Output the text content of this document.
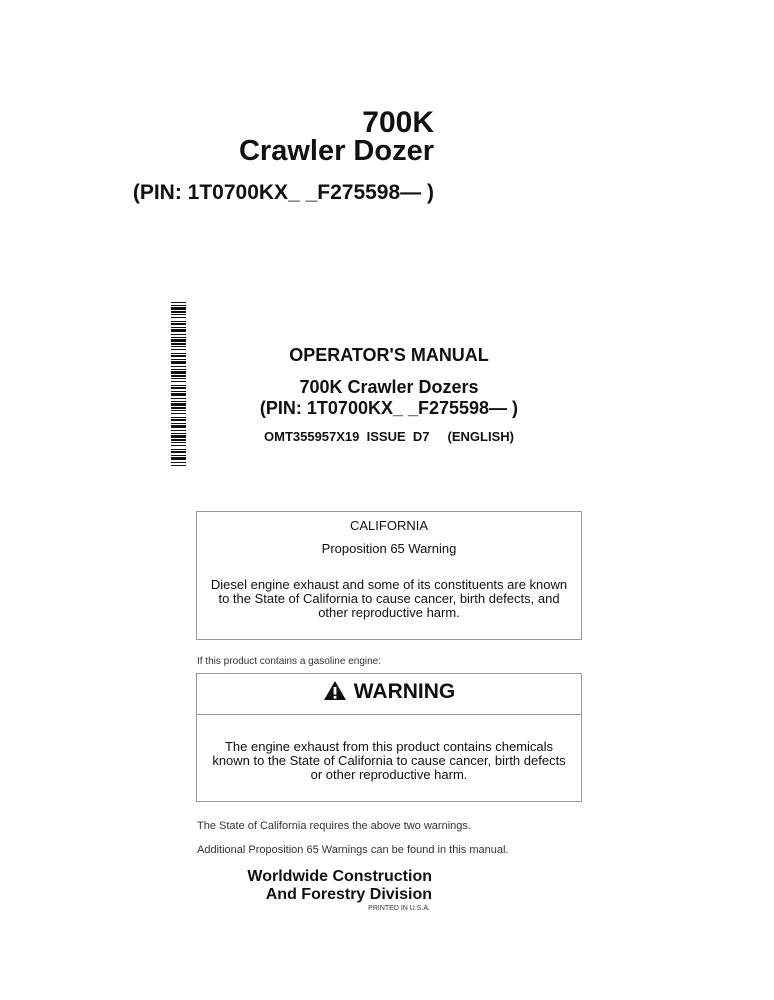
700K
Crawler Dozer
(PIN: 1T0700KX_ _F275598— )
OPERATOR'S MANUAL
700K Crawler Dozers
(PIN: 1T0700KX_ _F275598— )
OMT355957X19  ISSUE  D7     (ENGLISH)
CALIFORNIA
Proposition 65 Warning
Diesel engine exhaust and some of its constituents are known to the State of California to cause cancer, birth defects, and other reproductive harm.
If this product contains a gasoline engine:
WARNING
The engine exhaust from this product contains chemicals known to the State of California to cause cancer, birth defects or other reproductive harm.
The State of California requires the above two warnings.
Additional Proposition 65 Warnings can be found in this manual.
Worldwide Construction
And Forestry Division
PRINTED IN U.S.A.
